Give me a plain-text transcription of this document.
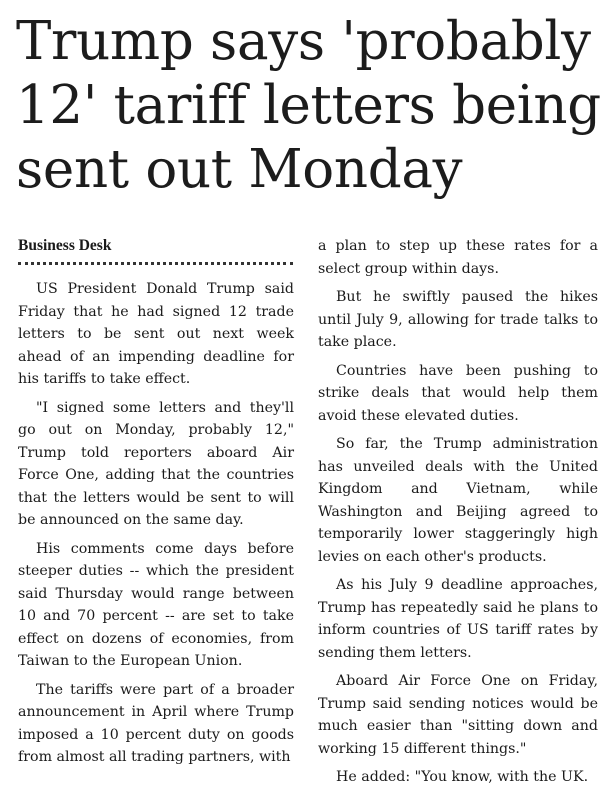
Trump says 'probably 12' tariff letters being sent out Monday
Business Desk

US President Donald Trump said Friday that he had signed 12 trade letters to be sent out next week ahead of an impending deadline for his tariffs to take effect.

"I signed some letters and they'll go out on Monday, probably 12," Trump told reporters aboard Air Force One, adding that the countries that the letters would be sent to will be announced on the same day.

His comments come days before steeper duties -- which the president said Thursday would range between 10 and 70 percent -- are set to take effect on dozens of economies, from Taiwan to the European Union.

The tariffs were part of a broader announcement in April where Trump imposed a 10 percent duty on goods from almost all trading partners, with

a plan to step up these rates for a select group within days.

But he swiftly paused the hikes until July 9, allowing for trade talks to take place.

Countries have been pushing to strike deals that would help them avoid these elevated duties.

So far, the Trump administration has unveiled deals with the United Kingdom and Vietnam, while Washington and Beijing agreed to temporarily lower staggeringly high levies on each other's products.

As his July 9 deadline approaches, Trump has repeatedly said he plans to inform countries of US tariff rates by sending them letters.

Aboard Air Force One on Friday, Trump said sending notices would be much easier than "sitting down and working 15 different things."

He added: "You know, with the UK.
